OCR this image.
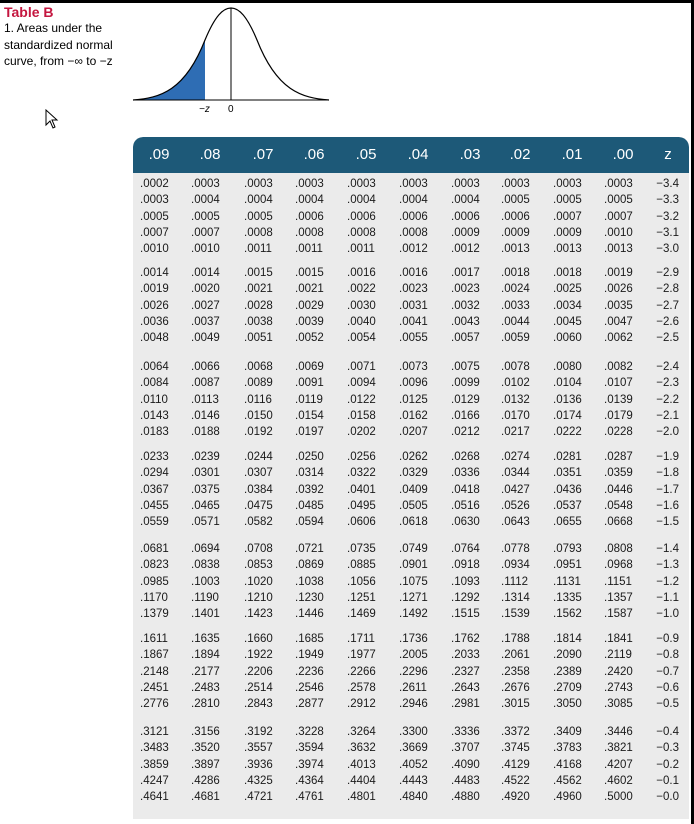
Table B
1. Areas under the standardized normal curve, from −∞ to −z
−z 0
.09	.08	.07	.06	.05	.04	.03	.02	.01	.00	z
.0002	.0003	.0003	.0003	.0003	.0003	.0003	.0003	.0003	.0003	−3.4
.0003	.0004	.0004	.0004	.0004	.0004	.0004	.0005	.0005	.0005	−3.3
.0005	.0005	.0005	.0006	.0006	.0006	.0006	.0006	.0007	.0007	−3.2
.0007	.0007	.0008	.0008	.0008	.0008	.0009	.0009	.0009	.0010	−3.1
.0010	.0010	.0011	.0011	.0011	.0012	.0012	.0013	.0013	.0013	−3.0
.0014	.0014	.0015	.0015	.0016	.0016	.0017	.0018	.0018	.0019	−2.9
.0019	.0020	.0021	.0021	.0022	.0023	.0023	.0024	.0025	.0026	−2.8
.0026	.0027	.0028	.0029	.0030	.0031	.0032	.0033	.0034	.0035	−2.7
.0036	.0037	.0038	.0039	.0040	.0041	.0043	.0044	.0045	.0047	−2.6
.0048	.0049	.0051	.0052	.0054	.0055	.0057	.0059	.0060	.0062	−2.5
.0064	.0066	.0068	.0069	.0071	.0073	.0075	.0078	.0080	.0082	−2.4
.0084	.0087	.0089	.0091	.0094	.0096	.0099	.0102	.0104	.0107	−2.3
.0110	.0113	.0116	.0119	.0122	.0125	.0129	.0132	.0136	.0139	−2.2
.0143	.0146	.0150	.0154	.0158	.0162	.0166	.0170	.0174	.0179	−2.1
.0183	.0188	.0192	.0197	.0202	.0207	.0212	.0217	.0222	.0228	−2.0
.0233	.0239	.0244	.0250	.0256	.0262	.0268	.0274	.0281	.0287	−1.9
.0294	.0301	.0307	.0314	.0322	.0329	.0336	.0344	.0351	.0359	−1.8
.0367	.0375	.0384	.0392	.0401	.0409	.0418	.0427	.0436	.0446	−1.7
.0455	.0465	.0475	.0485	.0495	.0505	.0516	.0526	.0537	.0548	−1.6
.0559	.0571	.0582	.0594	.0606	.0618	.0630	.0643	.0655	.0668	−1.5
.0681	.0694	.0708	.0721	.0735	.0749	.0764	.0778	.0793	.0808	−1.4
.0823	.0838	.0853	.0869	.0885	.0901	.0918	.0934	.0951	.0968	−1.3
.0985	.1003	.1020	.1038	.1056	.1075	.1093	.1112	.1131	.1151	−1.2
.1170	.1190	.1210	.1230	.1251	.1271	.1292	.1314	.1335	.1357	−1.1
.1379	.1401	.1423	.1446	.1469	.1492	.1515	.1539	.1562	.1587	−1.0
.1611	.1635	.1660	.1685	.1711	.1736	.1762	.1788	.1814	.1841	−0.9
.1867	.1894	.1922	.1949	.1977	.2005	.2033	.2061	.2090	.2119	−0.8
.2148	.2177	.2206	.2236	.2266	.2296	.2327	.2358	.2389	.2420	−0.7
.2451	.2483	.2514	.2546	.2578	.2611	.2643	.2676	.2709	.2743	−0.6
.2776	.2810	.2843	.2877	.2912	.2946	.2981	.3015	.3050	.3085	−0.5
.3121	.3156	.3192	.3228	.3264	.3300	.3336	.3372	.3409	.3446	−0.4
.3483	.3520	.3557	.3594	.3632	.3669	.3707	.3745	.3783	.3821	−0.3
.3859	.3897	.3936	.3974	.4013	.4052	.4090	.4129	.4168	.4207	−0.2
.4247	.4286	.4325	.4364	.4404	.4443	.4483	.4522	.4562	.4602	−0.1
.4641	.4681	.4721	.4761	.4801	.4840	.4880	.4920	.4960	.5000	−0.0
